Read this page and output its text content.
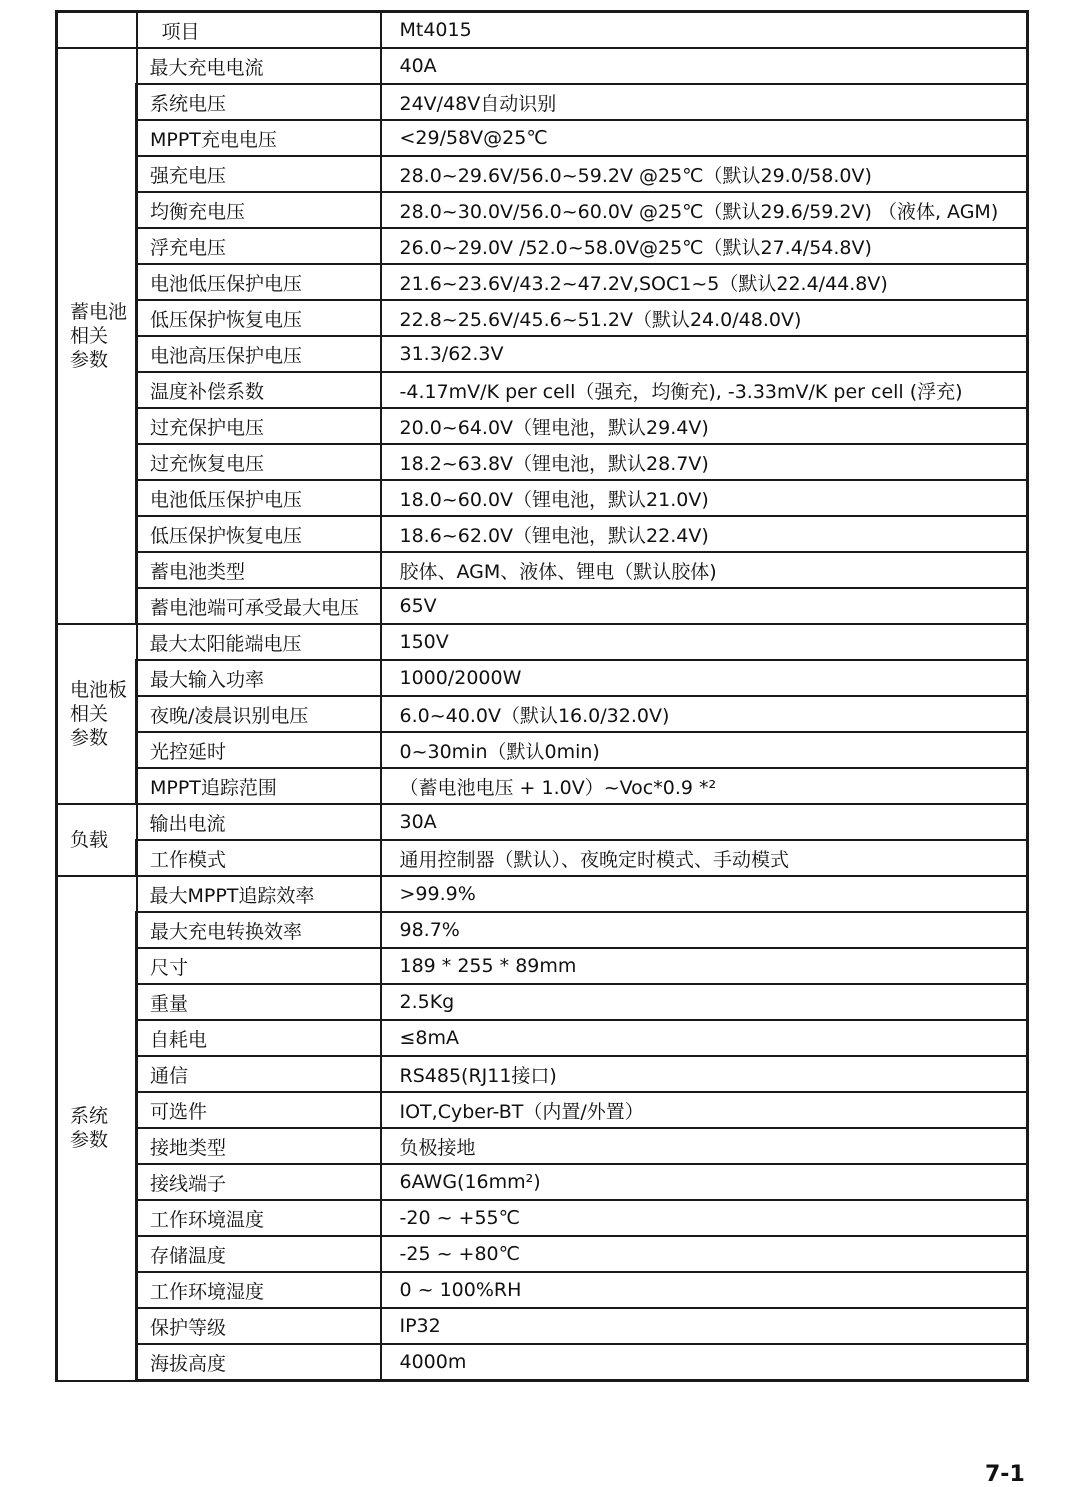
	项目	Mt4015

蓄电池
相关
参数	最大充电电流	40A
	系统电压	24V/48V自动识别
	MPPT充电电压	<29/58V@25℃
	强充电压	28.0~29.6V/56.0~59.2V @25℃（默认29.0/58.0V)
	均衡充电压	28.0~30.0V/56.0~60.0V @25℃（默认29.6/59.2V) （液体, AGM)
	浮充电压	26.0~29.0V /52.0~58.0V@25℃（默认27.4/54.8V)
	电池低压保护电压	21.6~23.6V/43.2~47.2V,SOC1~5（默认22.4/44.8V)
	低压保护恢复电压	22.8~25.6V/45.6~51.2V（默认24.0/48.0V)
	电池高压保护电压	31.3/62.3V
	温度补偿系数	-4.17mV/K per cell（强充，均衡充), -3.33mV/K per cell (浮充)
	过充保护电压	20.0~64.0V（锂电池，默认29.4V)
	过充恢复电压	18.2~63.8V（锂电池，默认28.7V)
	电池低压保护电压	18.0~60.0V（锂电池，默认21.0V)
	低压保护恢复电压	18.6~62.0V（锂电池，默认22.4V)
	蓄电池类型	胶体、AGM、液体、锂电（默认胶体)
	蓄电池端可承受最大电压	65V

电池板
相关
参数	最大太阳能端电压	150V
	最大输入功率	1000/2000W
	夜晚/凌晨识别电压	6.0~40.0V（默认16.0/32.0V)
	光控延时	0~30min（默认0min)
	MPPT追踪范围	（蓄电池电压 + 1.0V）~Voc*0.9 *²

负载	输出电流	30A
	工作模式	通用控制器（默认）、夜晚定时模式、手动模式

系统
参数	最大MPPT追踪效率	>99.9%
	最大充电转换效率	98.7%
	尺寸	189 * 255 * 89mm
	重量	2.5Kg
	自耗电	≤8mA
	通信	RS485(RJ11接口)
	可选件	IOT,Cyber-BT（内置/外置）
	接地类型	负极接地
	接线端子	6AWG(16mm²)
	工作环境温度	-20 ~ +55℃
	存储温度	-25 ~ +80℃
	工作环境湿度	0 ~ 100%RH
	保护等级	IP32
	海拔高度	4000m
7-1
